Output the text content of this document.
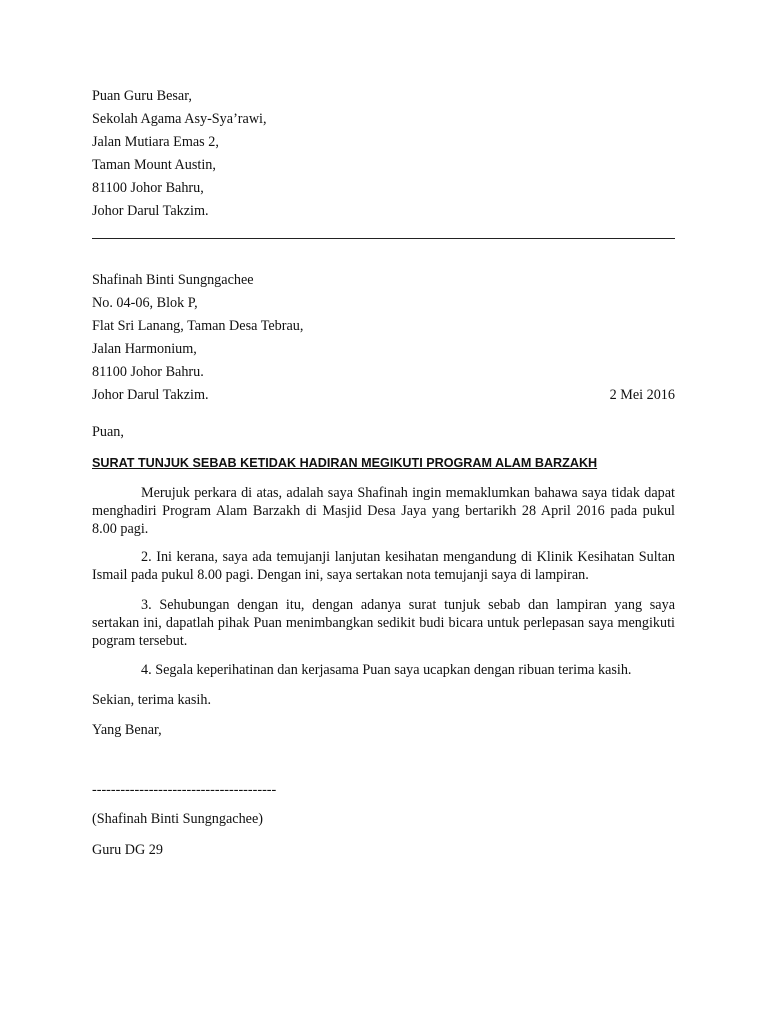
Puan Guru Besar,
Sekolah Agama Asy-Sya’rawi,
Jalan Mutiara Emas 2,
Taman Mount Austin,
81100 Johor Bahru,
Johor Darul Takzim.
Shafinah Binti Sungngachee
No. 04-06, Blok P,
Flat Sri Lanang, Taman Desa Tebrau,
Jalan Harmonium,
81100 Johor Bahru.
Johor Darul Takzim.	2 Mei 2016
Puan,
SURAT TUNJUK SEBAB KETIDAK HADIRAN MEGIKUTI PROGRAM ALAM BARZAKH
Merujuk perkara di atas, adalah saya Shafinah ingin memaklumkan bahawa saya tidak dapat menghadiri Program Alam Barzakh di Masjid Desa Jaya yang bertarikh 28 April 2016 pada pukul 8.00 pagi.
2. Ini kerana, saya ada temujanji lanjutan kesihatan mengandung di Klinik Kesihatan Sultan Ismail pada pukul 8.00 pagi. Dengan ini, saya sertakan nota temujanji saya di lampiran.
3. Sehubungan dengan itu, dengan adanya surat tunjuk sebab dan lampiran yang saya sertakan ini, dapatlah pihak Puan menimbangkan sedikit budi bicara untuk perlepasan saya mengikuti pogram tersebut.
4. Segala keperihatinan dan kerjasama Puan saya ucapkan dengan ribuan terima kasih.
Sekian, terima kasih.
Yang Benar,
---------------------------------------
(Shafinah Binti Sungngachee)
Guru DG 29
